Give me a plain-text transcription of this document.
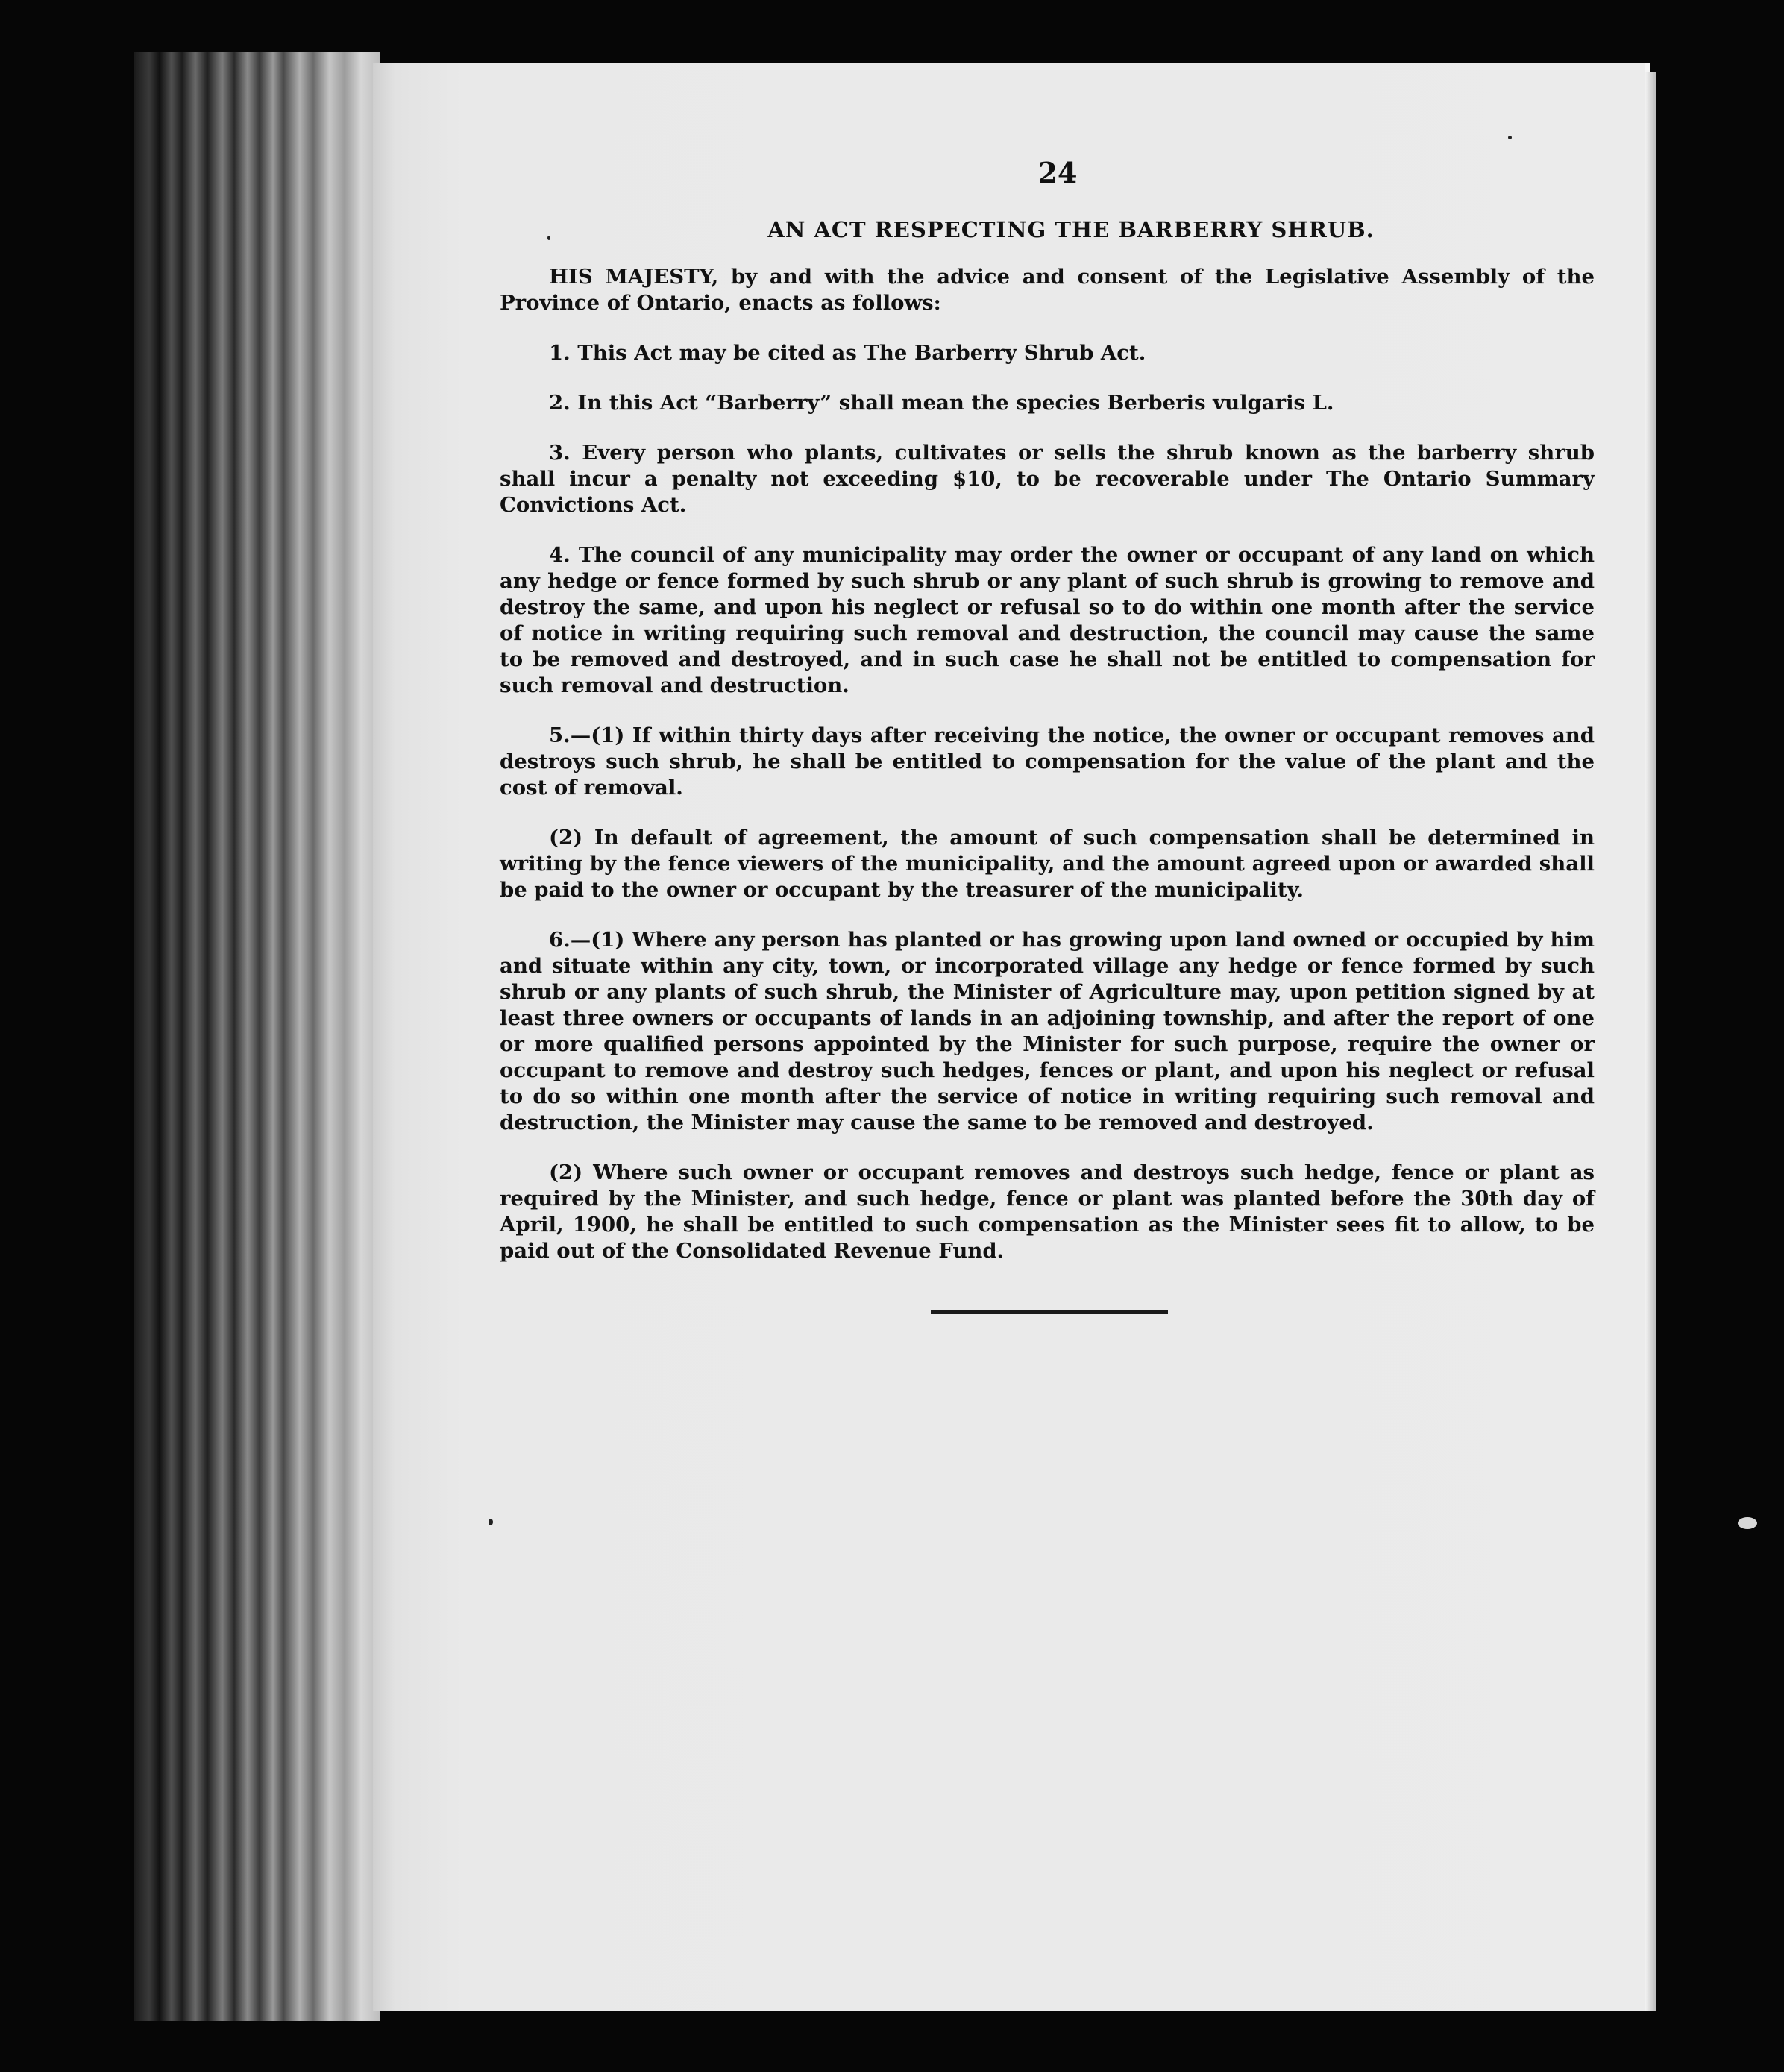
24
AN ACT RESPECTING THE BARBERRY SHRUB.

HIS MAJESTY, by and with the advice and consent of the Legislative Assembly of the Province of Ontario, enacts as follows:

1. This Act may be cited as The Barberry Shrub Act.

2. In this Act “Barberry” shall mean the species Berberis vulgaris L.

3. Every person who plants, cultivates or sells the shrub known as the barberry shrub shall incur a penalty not exceeding $10, to be recoverable under The Ontario Summary Convictions Act.

4. The council of any municipality may order the owner or occupant of any land on which any hedge or fence formed by such shrub or any plant of such shrub is growing to remove and destroy the same, and upon his neglect or refusal so to do within one month after the service of notice in writing requiring such removal and destruction, the council may cause the same to be removed and destroyed, and in such case he shall not be entitled to compensation for such removal and destruction.

5.—(1) If within thirty days after receiving the notice, the owner or occupant removes and destroys such shrub, he shall be entitled to compensation for the value of the plant and the cost of removal.

(2) In default of agreement, the amount of such compensation shall be determined in writing by the fence viewers of the municipality, and the amount agreed upon or awarded shall be paid to the owner or occupant by the treasurer of the municipality.

6.—(1) Where any person has planted or has growing upon land owned or occupied by him and situate within any city, town, or incorporated village any hedge or fence formed by such shrub or any plants of such shrub, the Minister of Agriculture may, upon petition signed by at least three owners or occupants of lands in an adjoining township, and after the report of one or more qualified persons appointed by the Minister for such purpose, require the owner or occupant to remove and destroy such hedges, fences or plant, and upon his neglect or refusal to do so within one month after the service of notice in writing requiring such removal and destruction, the Minister may cause the same to be removed and destroyed.

(2) Where such owner or occupant removes and destroys such hedge, fence or plant as required by the Minister, and such hedge, fence or plant was planted before the 30th day of April, 1900, he shall be entitled to such compensation as the Minister sees fit to allow, to be paid out of the Consolidated Revenue Fund.
